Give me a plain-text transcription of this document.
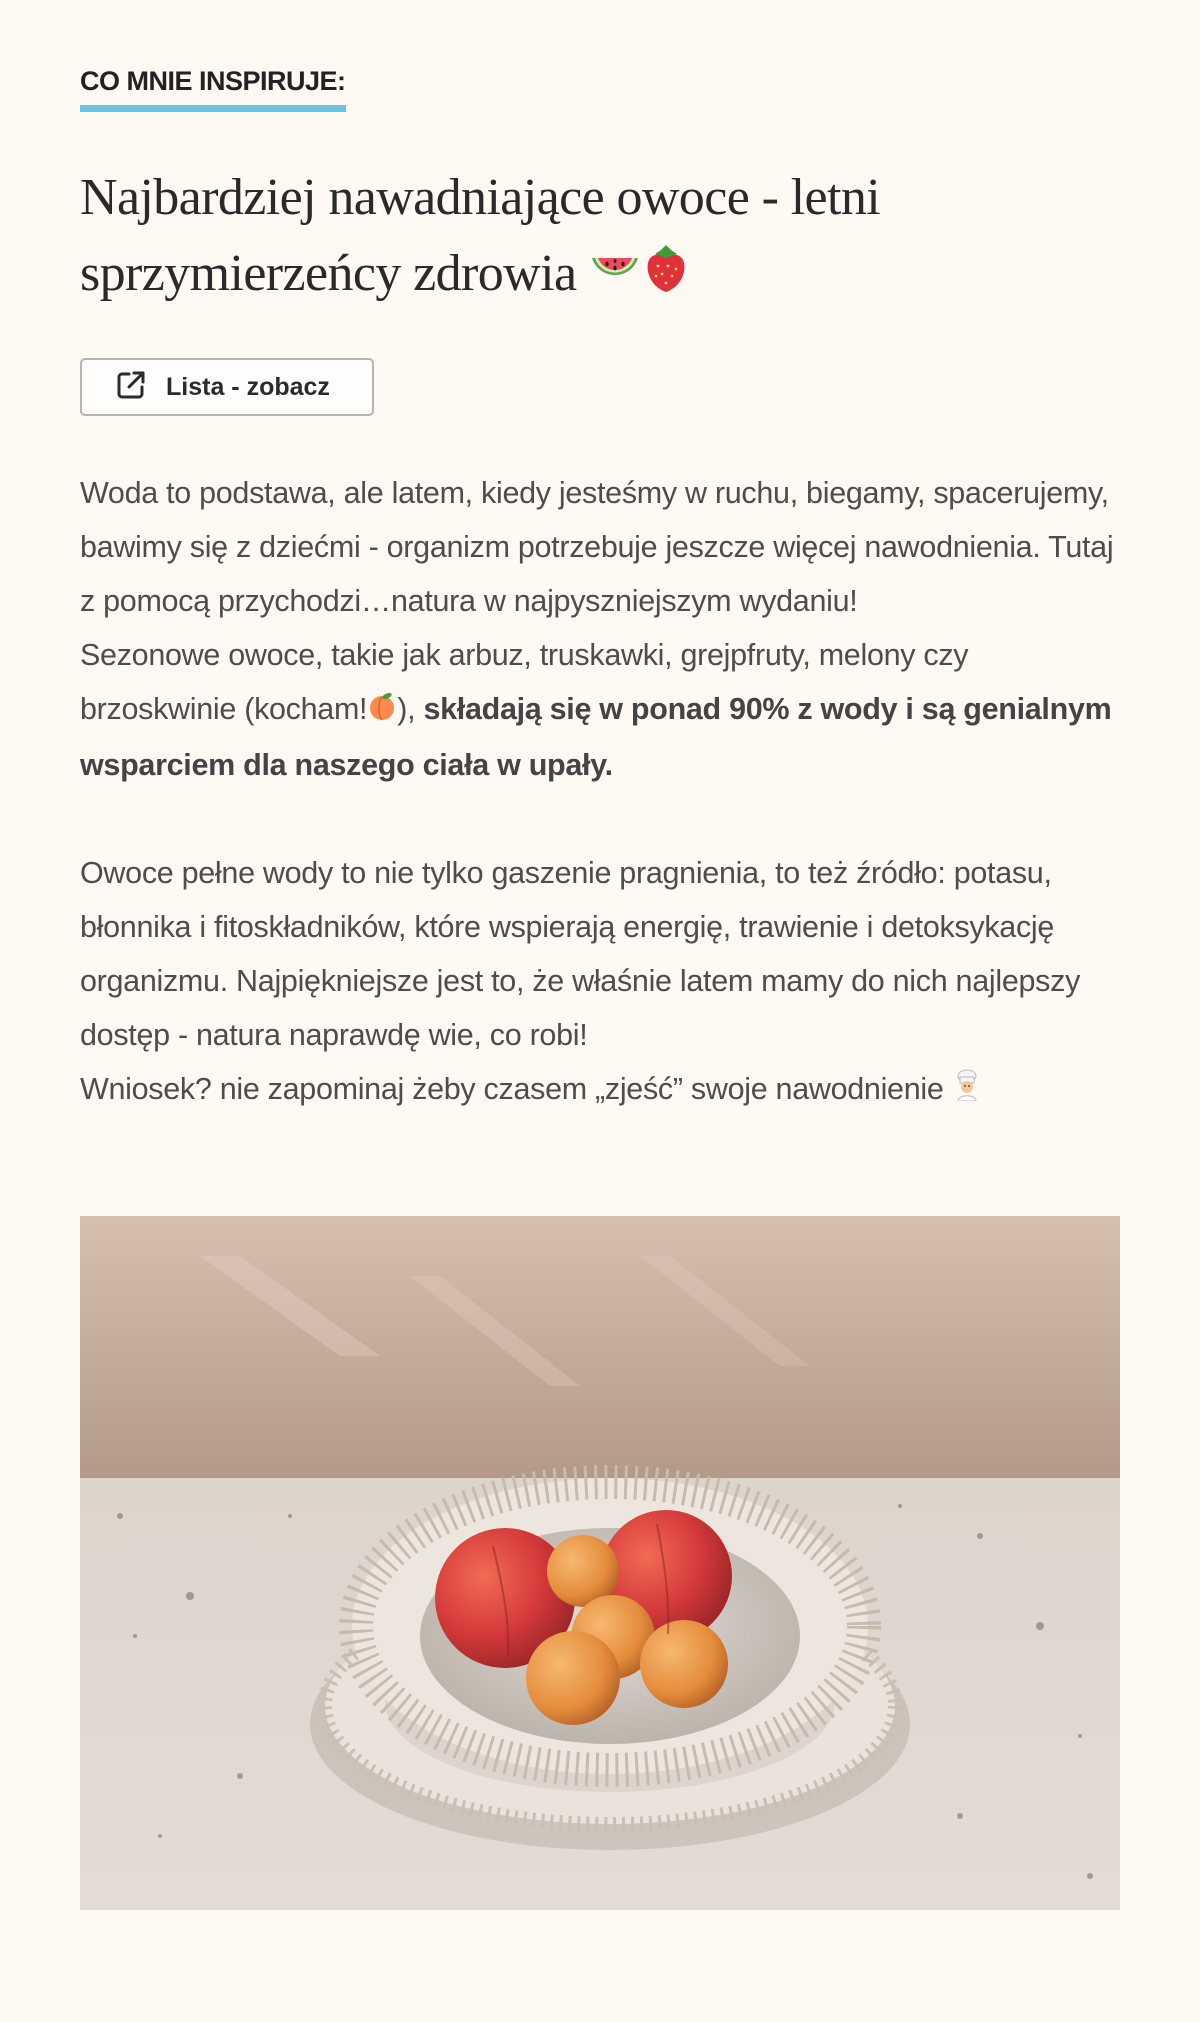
CO MNIE INSPIRUJE:
Najbardziej nawadniające owoce - letni sprzymierzeńcy zdrowia
Lista - zobacz

Woda to podstawa, ale latem, kiedy jesteśmy w ruchu, biegamy, spacerujemy, bawimy się z dziećmi - organizm potrzebuje jeszcze więcej nawodnienia. Tutaj z pomocą przychodzi…natura w najpyszniejszym wydaniu!

Sezonowe owoce, takie jak arbuz, truskawki, grejpfruty, melony czy brzoskwinie (kocham! ), składają się w ponad 90% z wody i są genialnym wsparciem dla naszego ciała w upały.

Owoce pełne wody to nie tylko gaszenie pragnienia, to też źródło: potasu, błonnika i fitoskładników, które wspierają energię, trawienie i detoksykację organizmu. Najpiękniejsze jest to, że właśnie latem mamy do nich najlepszy dostęp - natura naprawdę wie, co robi!

Wniosek? nie zapominaj żeby czasem „zjeść” swoje nawodnienie
